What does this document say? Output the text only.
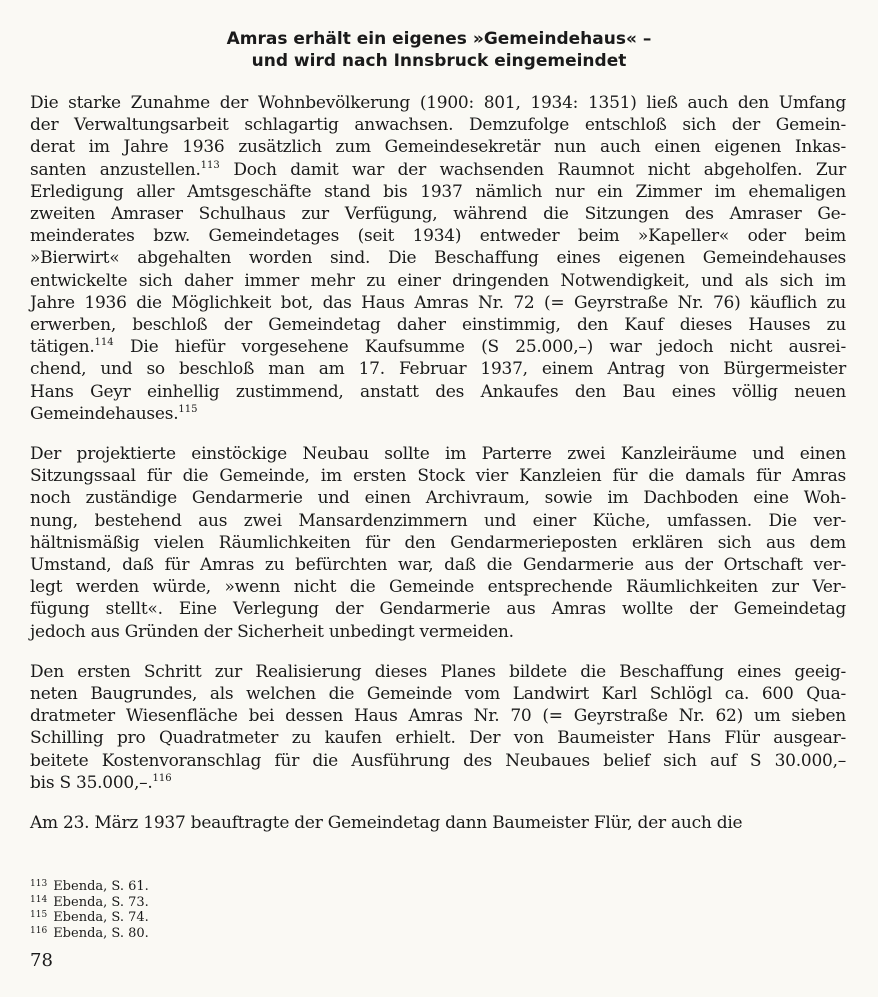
Amras erhält ein eigenes »Gemeindehaus« –
und wird nach Innsbruck eingemeindet
Die starke Zunahme der Wohnbevölkerung (1900: 801, 1934: 1351) ließ auch den Umfang
der Verwaltungsarbeit schlagartig anwachsen. Demzufolge entschloß sich der Gemein-
derat im Jahre 1936 zusätzlich zum Gemeindesekretär nun auch einen eigenen Inkas-
santen anzustellen.$^{113}$ Doch damit war der wachsenden Raumnot nicht abgeholfen. Zur
Erledigung aller Amtsgeschäfte stand bis 1937 nämlich nur ein Zimmer im ehemaligen
zweiten Amraser Schulhaus zur Verfügung, während die Sitzungen des Amraser Ge-
meinderates bzw. Gemeindetages (seit 1934) entweder beim »Kapeller« oder beim
»Bierwirt« abgehalten worden sind. Die Beschaffung eines eigenen Gemeindehauses
entwickelte sich daher immer mehr zu einer dringenden Notwendigkeit, und als sich im
Jahre 1936 die Möglichkeit bot, das Haus Amras Nr. 72 (= Geyrstraße Nr. 76) käuflich zu
erwerben, beschloß der Gemeindetag daher einstimmig, den Kauf dieses Hauses zu
tätigen.$^{114}$ Die hiefür vorgesehene Kaufsumme (S 25.000,–) war jedoch nicht ausrei-
chend, und so beschloß man am 17. Februar 1937, einem Antrag von Bürgermeister
Hans Geyr einhellig zustimmend, anstatt des Ankaufes den Bau eines völlig neuen
Gemeindehauses.$^{115}$
Der projektierte einstöckige Neubau sollte im Parterre zwei Kanzleiräume und einen
Sitzungssaal für die Gemeinde, im ersten Stock vier Kanzleien für die damals für Amras
noch zuständige Gendarmerie und einen Archivraum, sowie im Dachboden eine Woh-
nung, bestehend aus zwei Mansardenzimmern und einer Küche, umfassen. Die ver-
hältnismäßig vielen Räumlichkeiten für den Gendarmerieposten erklären sich aus dem
Umstand, daß für Amras zu befürchten war, daß die Gendarmerie aus der Ortschaft ver-
legt werden würde, »wenn nicht die Gemeinde entsprechende Räumlichkeiten zur Ver-
fügung stellt«. Eine Verlegung der Gendarmerie aus Amras wollte der Gemeindetag
jedoch aus Gründen der Sicherheit unbedingt vermeiden.
Den ersten Schritt zur Realisierung dieses Planes bildete die Beschaffung eines geeig-
neten Baugrundes, als welchen die Gemeinde vom Landwirt Karl Schlögl ca. 600 Qua-
dratmeter Wiesenfläche bei dessen Haus Amras Nr. 70 (= Geyrstraße Nr. 62) um sieben
Schilling pro Quadratmeter zu kaufen erhielt. Der von Baumeister Hans Flür ausgear-
beitete Kostenvoranschlag für die Ausführung des Neubaues belief sich auf S 30.000,–
bis S 35.000,–.$^{116}$
Am 23. März 1937 beauftragte der Gemeindetag dann Baumeister Flür, der auch die
$^{113}$ Ebenda, S. 61.
$^{114}$ Ebenda, S. 73.
$^{115}$ Ebenda, S. 74.
$^{116}$ Ebenda, S. 80.
78
